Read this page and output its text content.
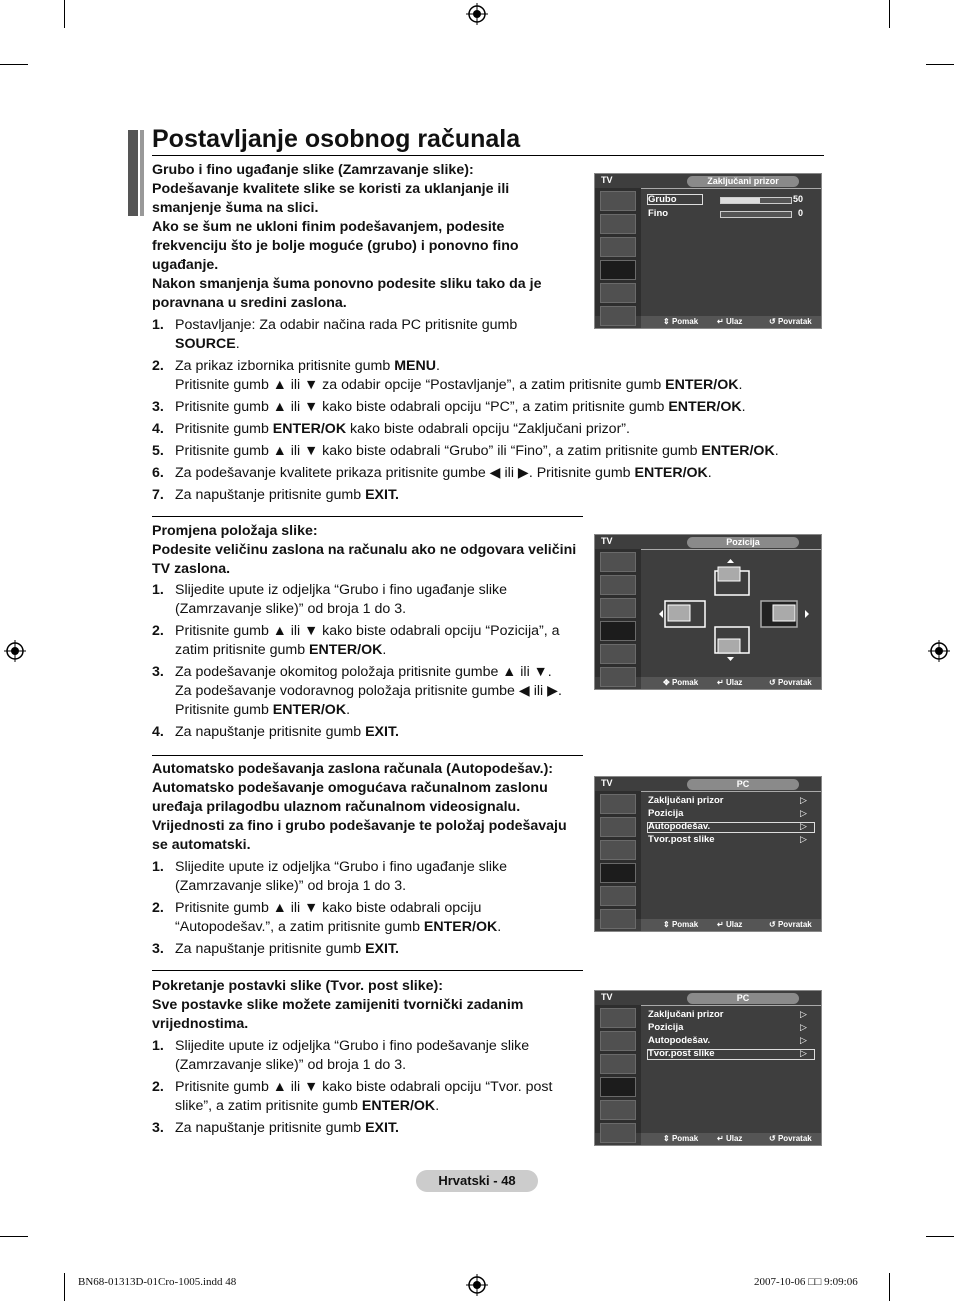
Postavljanje osobnog računala
Grubo i fino ugađanje slike (Zamrzavanje slike):
Podešavanje kvalitete slike se koristi za uklanjanje ili
smanjenje šuma na slici.
Ako se šum ne ukloni finim podešavanjem, podesite
frekvenciju što je bolje moguće (grubo) i ponovno fino
ugađanje.
Nakon smanjenja šuma ponovno podesite sliku tako da je
poravnana u sredini zaslona.
1. Postavljanje: Za odabir načina rada PC pritisnite gumb
SOURCE.
2. Za prikaz izbornika pritisnite gumb MENU.
Pritisnite gumb ▲ ili ▼ za odabir opcije “Postavljanje”, a zatim pritisnite gumb ENTER/OK.
3. Pritisnite gumb ▲ ili ▼ kako biste odabrali opciju “PC”, a zatim pritisnite gumb ENTER/OK.
4. Pritisnite gumb ENTER/OK kako biste odabrali opciju “Zaključani prizor”.
5. Pritisnite gumb ▲ ili ▼ kako biste odabrali “Grubo” ili “Fino”, a zatim pritisnite gumb ENTER/OK.
6. Za podešavanje kvalitete prikaza pritisnite gumbe ◀ ili ▶. Pritisnite gumb ENTER/OK.
7. Za napuštanje pritisnite gumb EXIT.
Promjena položaja slike:
Podesite veličinu zaslona na računalu ako ne odgovara veličini
TV zaslona.
1. Slijedite upute iz odjeljka “Grubo i fino ugađanje slike
(Zamrzavanje slike)” od broja 1 do 3.
2. Pritisnite gumb ▲ ili ▼ kako biste odabrali opciju “Pozicija”, a
zatim pritisnite gumb ENTER/OK.
3. Za podešavanje okomitog položaja pritisnite gumbe ▲ ili ▼.
Za podešavanje vodoravnog položaja pritisnite gumbe ◀ ili ▶.
Pritisnite gumb ENTER/OK.
4. Za napuštanje pritisnite gumb EXIT.
Automatsko podešavanja zaslona računala (Autopodešav.):
Automatsko podešavanje omogućava računalnom zaslonu
uređaja prilagodbu ulaznom računalnom videosignalu.
Vrijednosti za fino i grubo podešavanje te položaj podešavaju
se automatski.
1. Slijedite upute iz odjeljka “Grubo i fino ugađanje slike
(Zamrzavanje slike)” od broja 1 do 3.
2. Pritisnite gumb ▲ ili ▼ kako biste odabrali opciju
“Autopodešav.”, a zatim pritisnite gumb ENTER/OK.
3. Za napuštanje pritisnite gumb EXIT.
Pokretanje postavki slike (Tvor. post slike):
Sve postavke slike možete zamijeniti tvornički zadanim
vrijednostima.
1. Slijedite upute iz odjeljka “Grubo i fino podešavanje slike
(Zamrzavanje slike)” od broja 1 do 3.
2. Pritisnite gumb ▲ ili ▼ kako biste odabrali opciju “Tvor. post
slike”, a zatim pritisnite gumb ENTER/OK.
3. Za napuštanje pritisnite gumb EXIT.
TV	Zaključani prizor
Grubo
Fino
50
0
⇕ Pomak ↵ Ulaz	↺ Povratak
TV	Pozicija
✥ Pomak ↵ Ulaz	↺ Povratak
TV	PC
Zaključani prizor	▷
Pozicija	▷
Autopodešav.	▷
Tvor.post slike	▷
⇕ Pomak ↵ Ulaz	↺ Povratak
TV	PC
Zaključani prizor	▷
Pozicija	▷
Autopodešav.	▷
Tvor.post slike	▷
⇕ Pomak ↵ Ulaz	↺ Povratak
Hrvatski - 48
BN68-01313D-01Cro-1005.indd 48	2007-10-06 □□ 9:09:06
